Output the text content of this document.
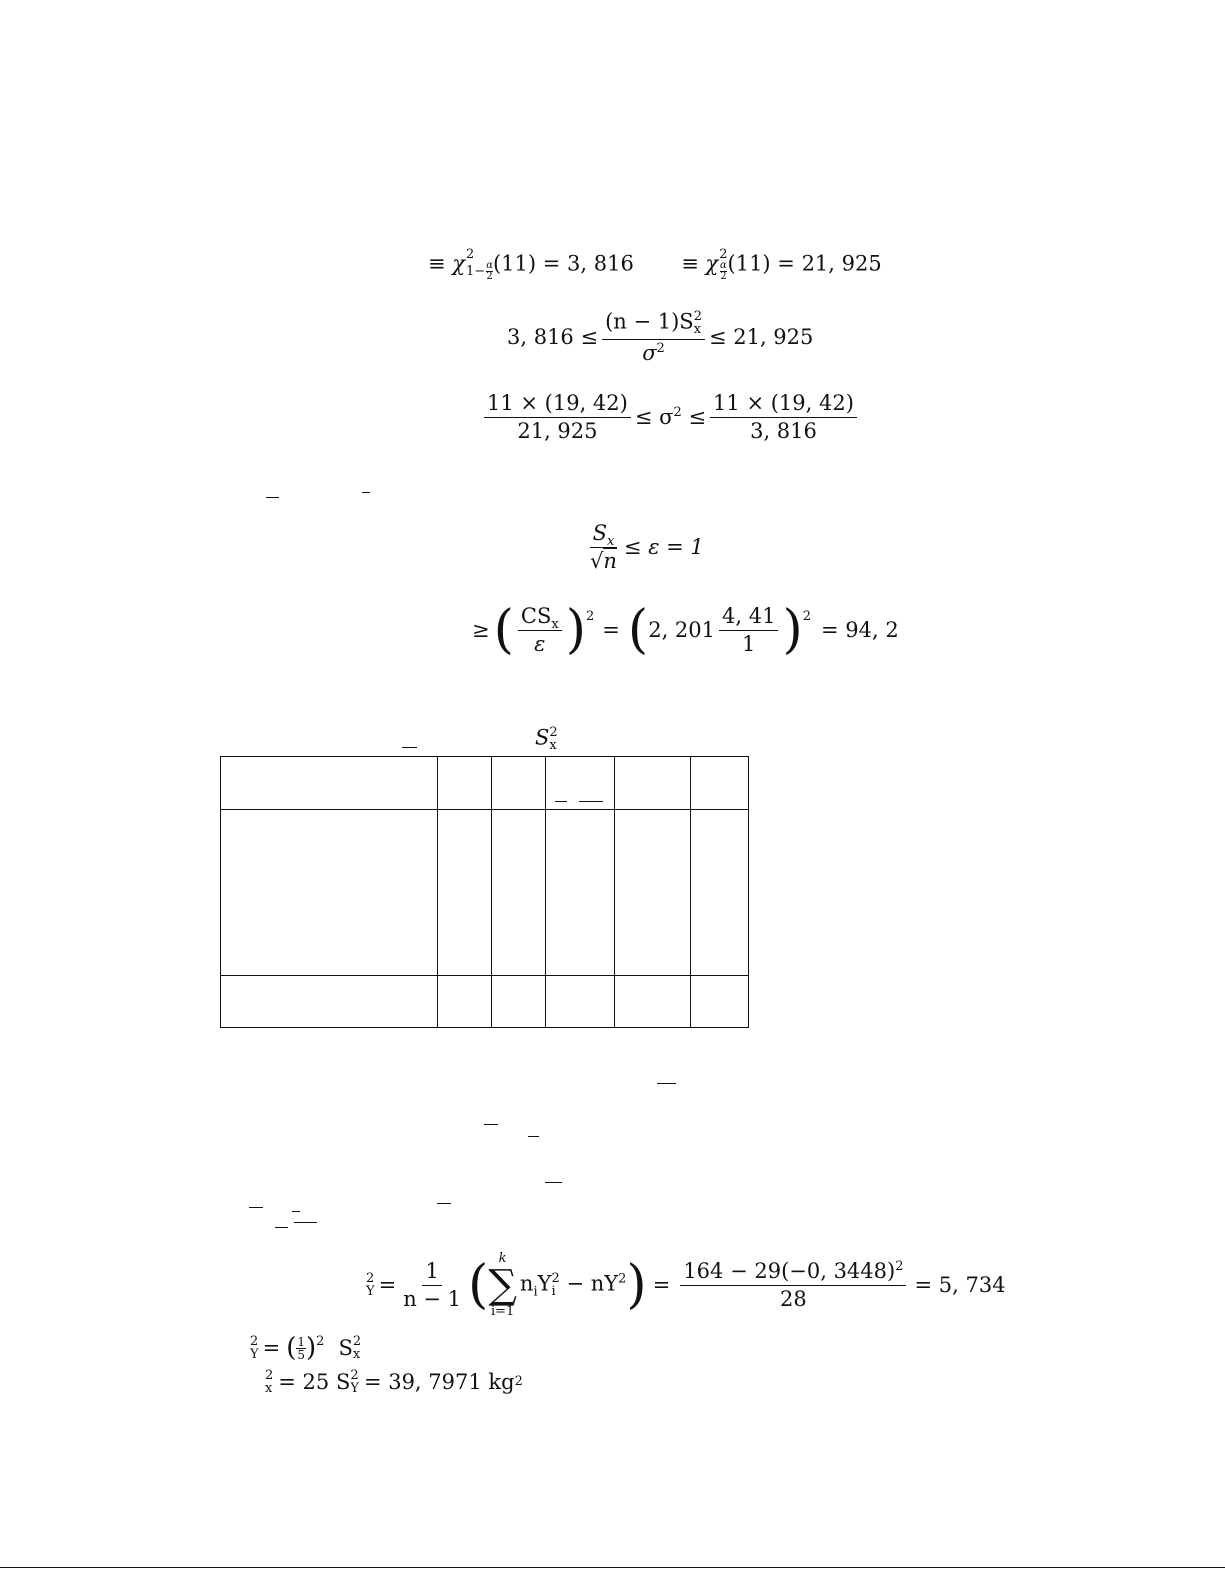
≡ χ 2
$1- \frac{\alpha}{2} (11) = 3$, 816 ≡ χ 2
$\frac{\alpha}{2} (11) = 21$, 925
3, 816 ≤ (n − 1)S 2
x
$\sigma^2 \le 21$, 925
$\frac{11 \times (19, 42)}{21, 925} \le \sigma^2 \le \frac{11 \times (19, 42)}{3, 816}$
$\frac{S_x}{√n} \le \varepsilon = 1$
≥ ( $\frac{CS_x}{\varepsilon}$ ) 2
= ( 2, $201 \frac{4, 41}{1}$ ) 2
= 94, 2
S 2
x

2
$Y = \frac{1}{n - 1}$ ( k
∑
i=1
$n_iY$ 2
$i - nY^2$ ) = $\frac{164 - 29(-0, 3448)^2}{28} = 5$, 734
2
Y = ( $\frac{1}{5}$ ) 2 S 2
x
2
x = 25 S 2
Y = 39, 7971 kg 2
